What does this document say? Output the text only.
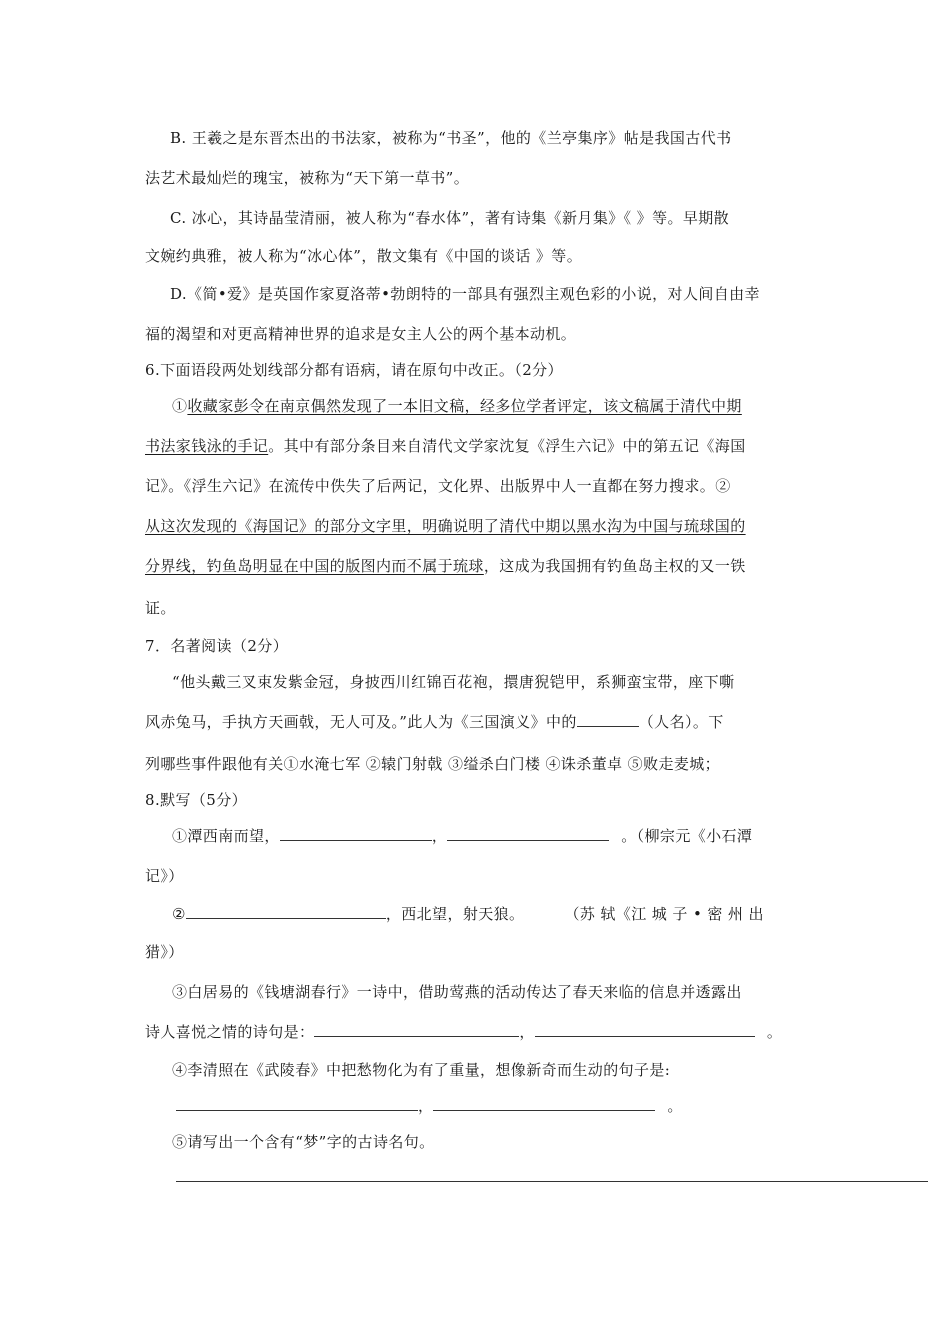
B. 王羲之是东晋杰出的书法家，被称为“书圣”，他的《兰亭集序》帖是我国古代书
法艺术最灿烂的瑰宝，被称为“天下第一草书”。
C. 冰心，其诗晶莹清丽，被人称为“春水体”，著有诗集《新月集》《 》等。早期散
文婉约典雅，被人称为“冰心体”，散文集有《中国的谈话 》等。
D.《简•爱》是英国作家夏洛蒂•勃朗特的一部具有强烈主观色彩的小说，对人间自由幸
福的渴望和对更高精神世界的追求是女主人公的两个基本动机。
6.下面语段两处划线部分都有语病，请在原句中改正。（2分）
①收藏家彭令在南京偶然发现了一本旧文稿，经多位学者评定，该文稿属于清代中期
书法家钱泳的手记。其中有部分条目来自清代文学家沈复《浮生六记》中的第五记《海国
记》。《浮生六记》在流传中佚失了后两记，文化界、出版界中人一直都在努力搜求。②
从这次发现的《海国记》的部分文字里，明确说明了清代中期以黑水沟为中国与琉球国的
分界线，钓鱼岛明显在中国的版图内而不属于琉球，这成为我国拥有钓鱼岛主权的又一铁
证。
7．名著阅读（2分）
“他头戴三叉束发紫金冠，身披西川红锦百花袍，擐唐猊铠甲，系狮蛮宝带，座下嘶
风赤兔马，手执方天画戟，无人可及。”此人为《三国演义》中的	（人名）。下
列哪些事件跟他有关①水淹七军 ②辕门射戟 ③缢杀白门楼 ④诛杀董卓 ⑤败走麦城；
8.默写（5分）
①潭西南而望，	，	。（柳宗元《小石潭
记》）
②	，西北望，射天狼。	（苏 轼《江 城 子 • 密 州 出
猎》）
③白居易的《钱塘湖春行》一诗中，借助莺燕的活动传达了春天来临的信息并透露出
诗人喜悦之情的诗句是：	，	。
④李清照在《武陵春》中把愁物化为有了重量，想像新奇而生动的句子是:
，	。
⑤请写出一个含有“梦”字的古诗名句。
